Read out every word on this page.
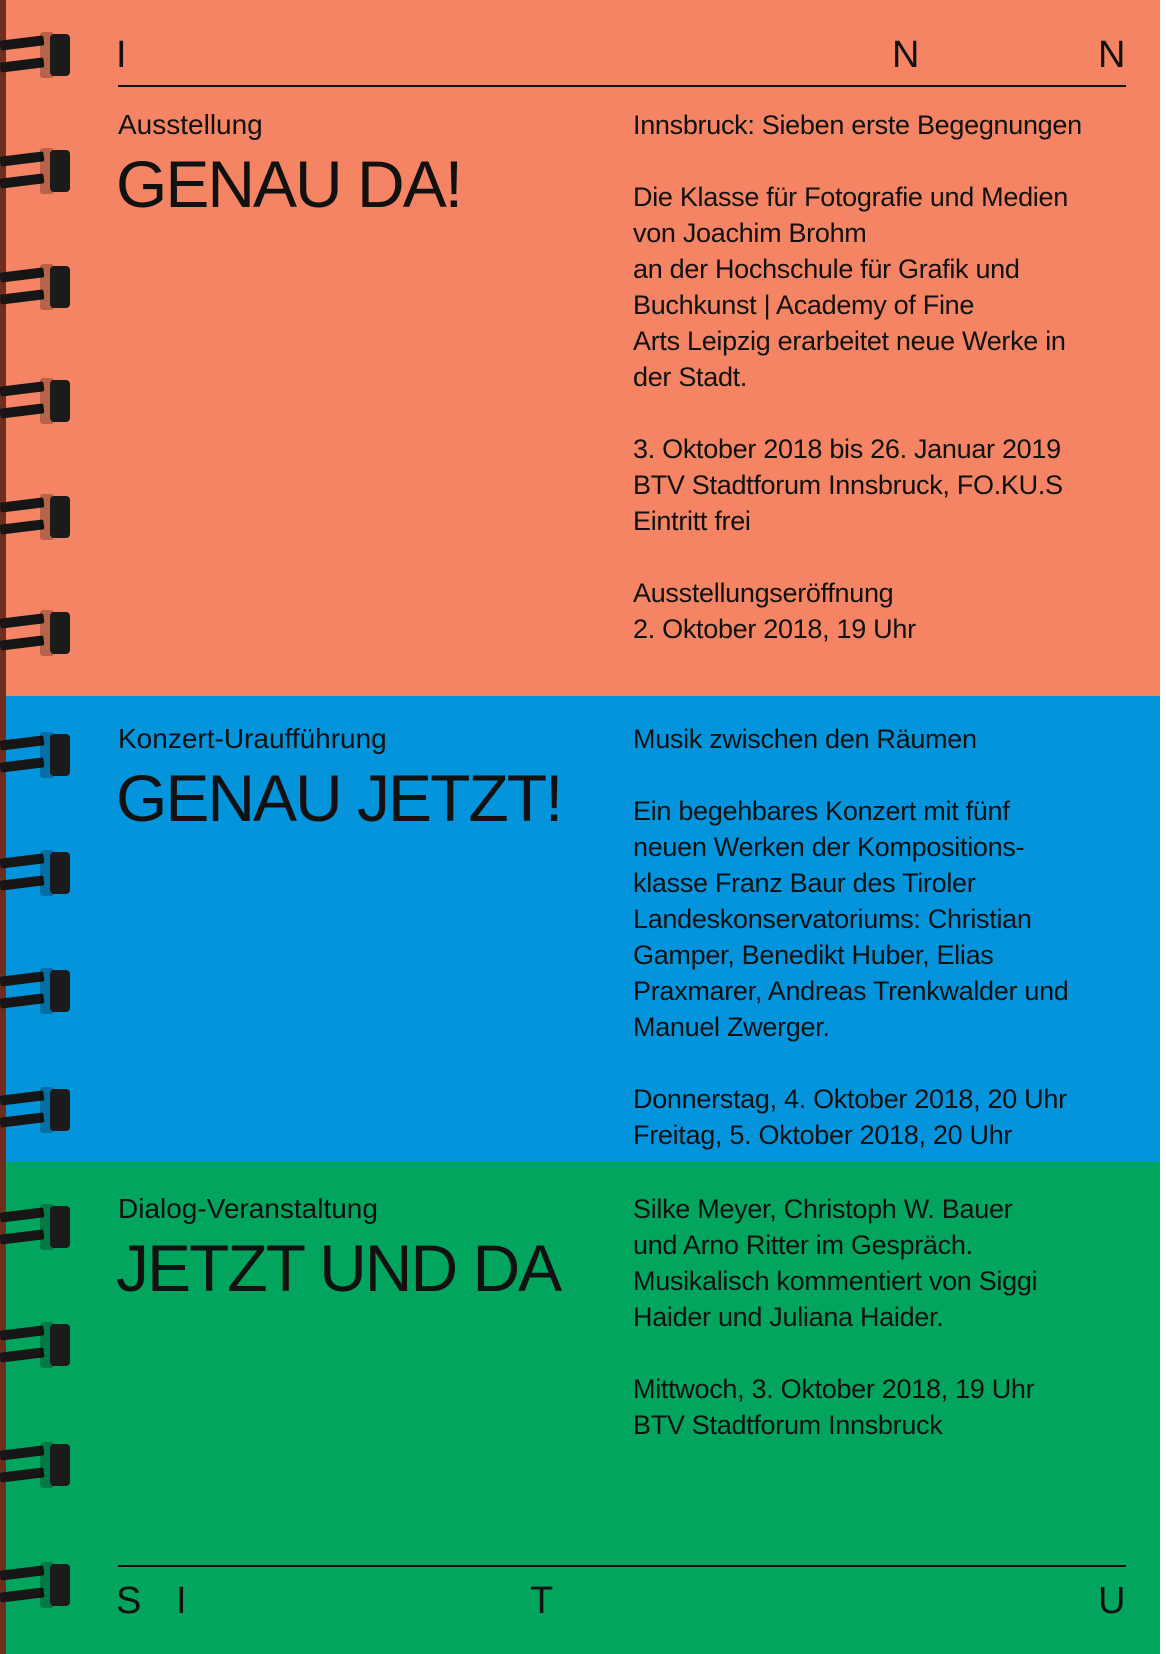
I	N	N
Ausstellung
GENAU DA!

Innsbruck: Sieben erste Begegnungen

Die Klasse für Fotografie und Medien

von Joachim Brohm

an der Hochschule für Grafik und

Buchkunst | Academy of Fine

Arts Leipzig erarbeitet neue Werke in

der Stadt.

3. Oktober 2018 bis 26. Januar 2019

BTV Stadtforum Innsbruck, FO.KU.S

Eintritt frei

Ausstellungseröffnung

2. Oktober 2018, 19 Uhr

Konzert-Uraufführung
GENAU JETZT!

Musik zwischen den Räumen

Ein begehbares Konzert mit fünf

neuen Werken der Kompositions-

klasse Franz Baur des Tiroler

Landeskonservatoriums: Christian

Gamper, Benedikt Huber, Elias

Praxmarer, Andreas Trenkwalder und

Manuel Zwerger.

Donnerstag, 4. Oktober 2018, 20 Uhr

Freitag, 5. Oktober 2018, 20 Uhr

Dialog-Veranstaltung
JETZT UND DA

Silke Meyer, Christoph W. Bauer

und Arno Ritter im Gespräch.

Musikalisch kommentiert von Siggi

Haider und Juliana Haider.

Mittwoch, 3. Oktober 2018, 19 Uhr

BTV Stadtforum Innsbruck

S I	T	U
